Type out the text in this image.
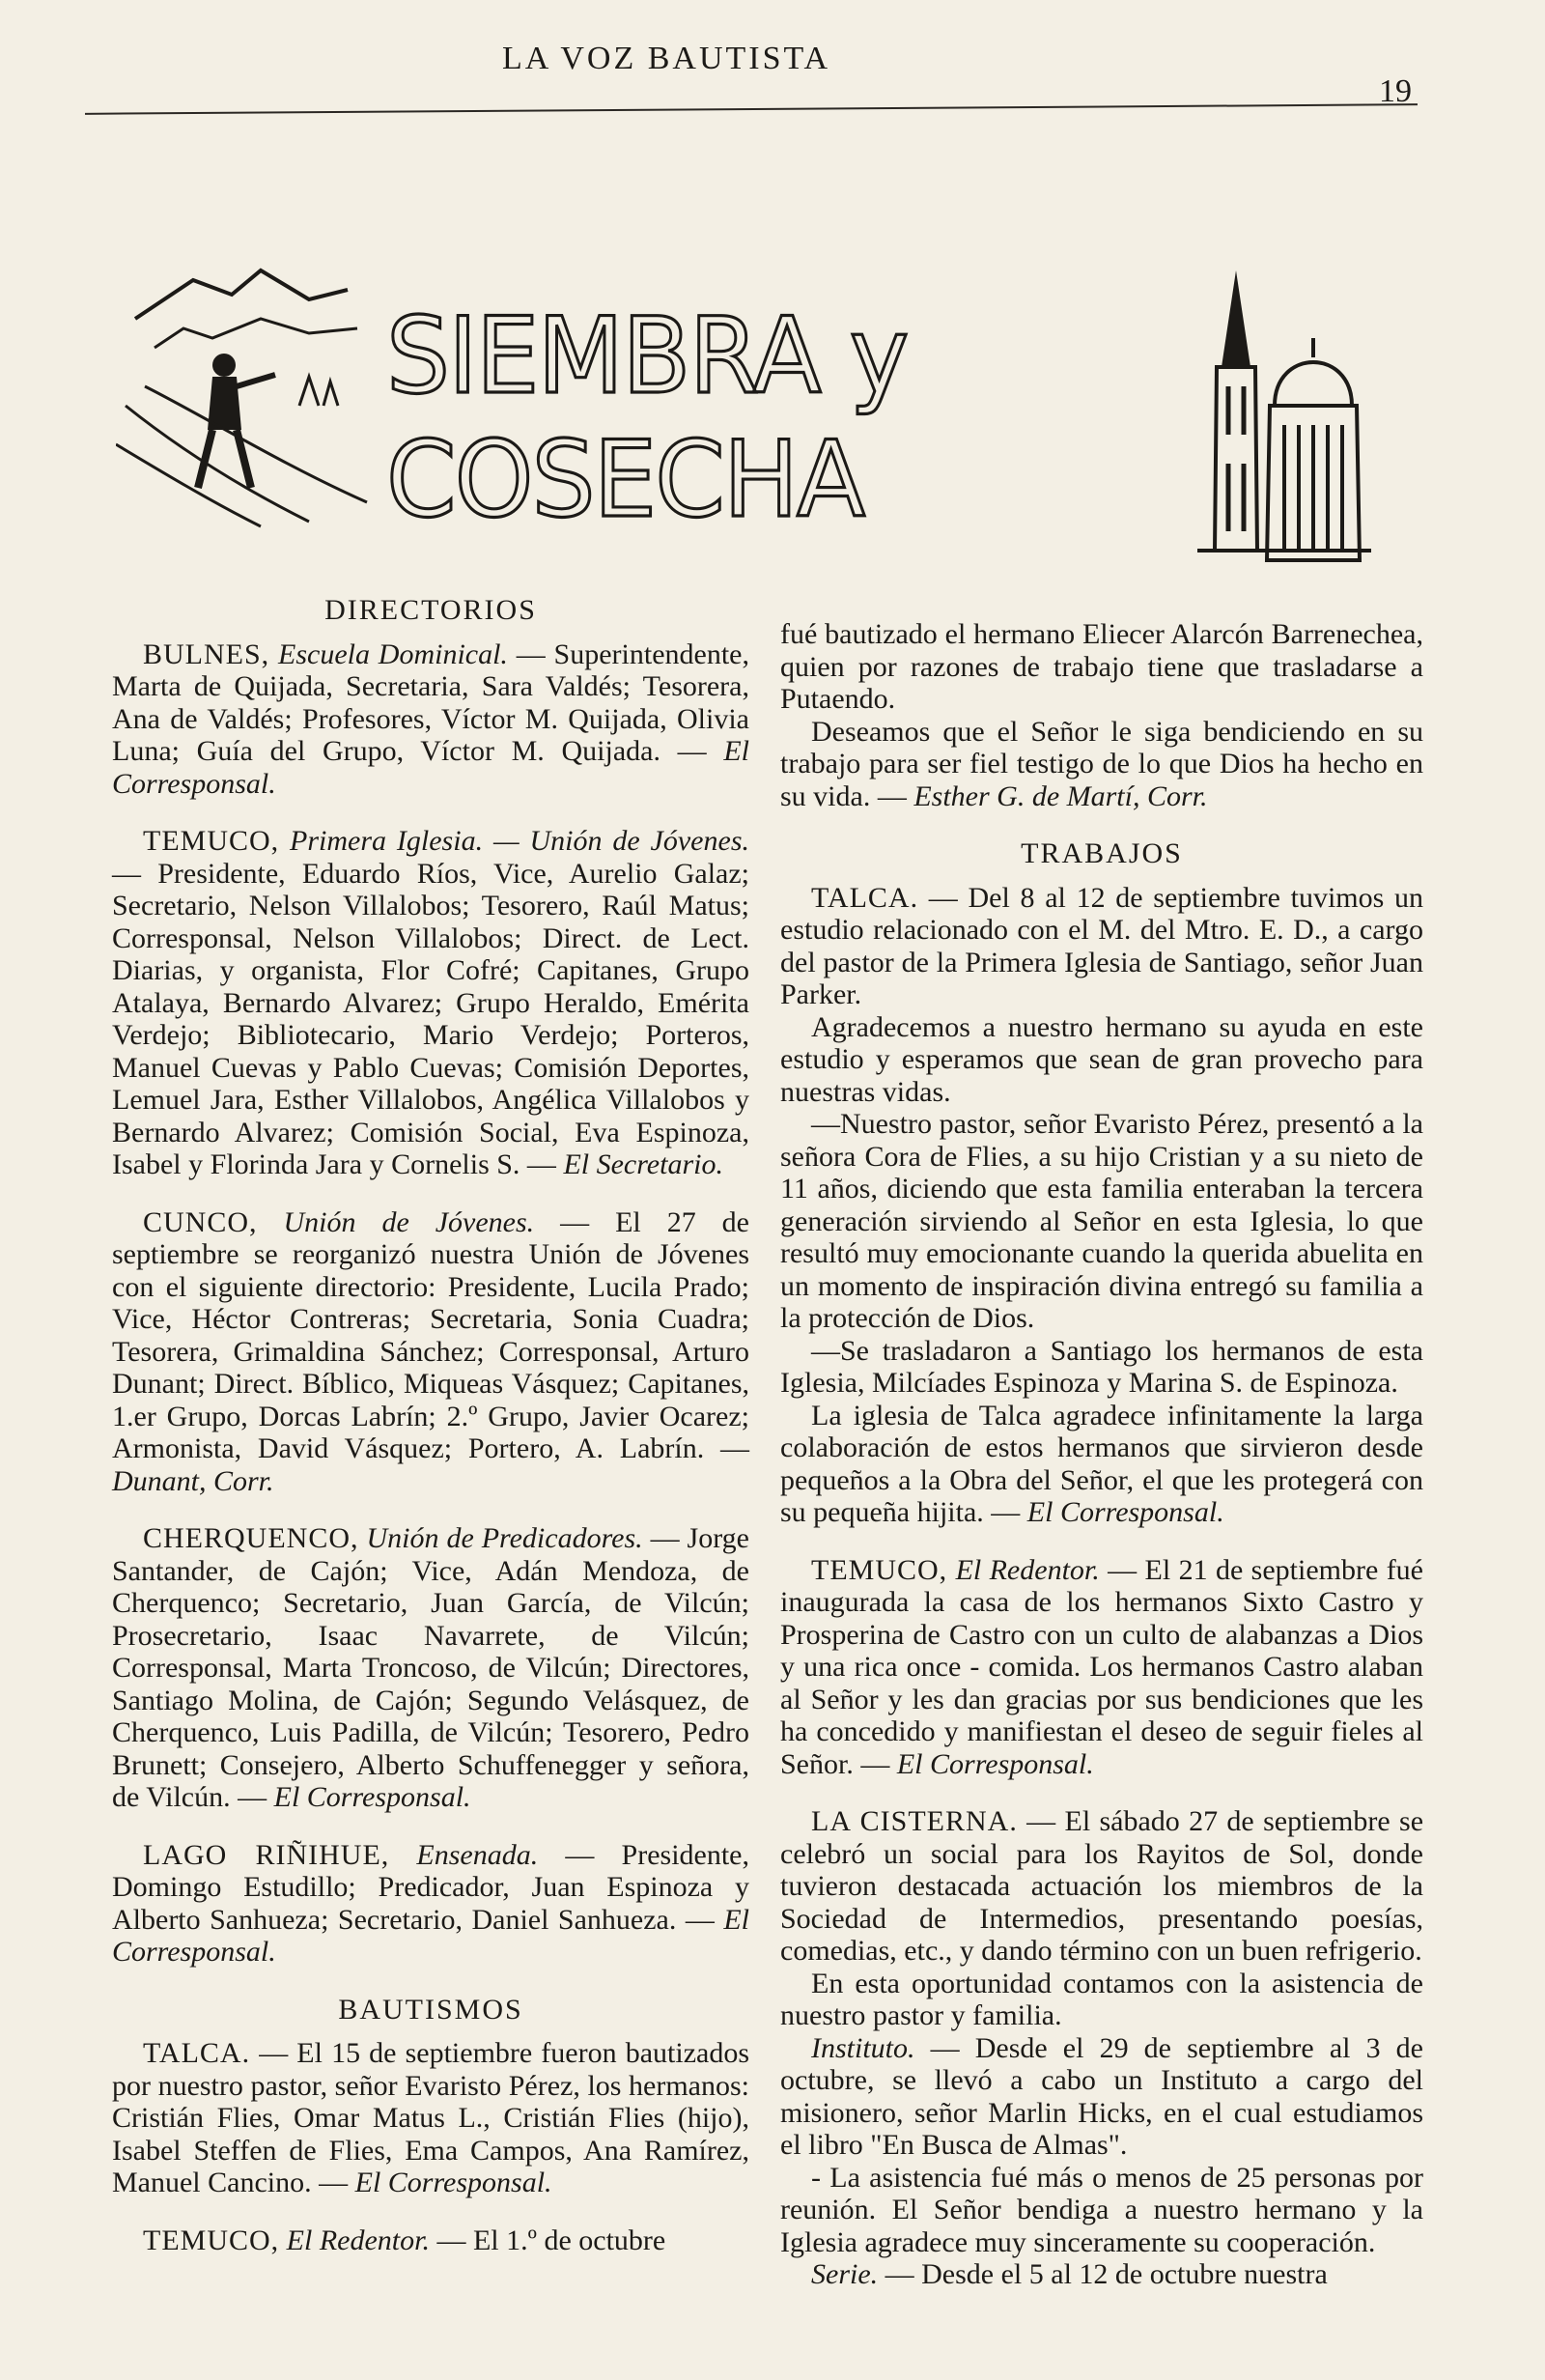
LA VOZ BAUTISTA
19
SIEMBRA y COSECHA
DIRECTORIOS

BULNES, Escuela Dominical. — Superintendente, Marta de Quijada, Secretaria, Sara Valdés; Tesorera, Ana de Valdés; Profesores, Víctor M. Quijada, Olivia Luna; Guía del Grupo, Víctor M. Quijada. — El Corresponsal.

TEMUCO, Primera Iglesia. — Unión de Jóvenes. — Presidente, Eduardo Ríos, Vice, Aurelio Galaz; Secretario, Nelson Villalobos; Tesorero, Raúl Matus; Corresponsal, Nelson Villalobos; Direct. de Lect. Diarias, y organista, Flor Cofré; Capitanes, Grupo Atalaya, Bernardo Alvarez; Grupo Heraldo, Emérita Verdejo; Bibliotecario, Mario Verdejo; Porteros, Manuel Cuevas y Pablo Cuevas; Comisión Deportes, Lemuel Jara, Esther Villalobos, Angélica Villalobos y Bernardo Alvarez; Comisión Social, Eva Espinoza, Isabel y Florinda Jara y Cornelis S. — El Secretario.

CUNCO, Unión de Jóvenes. — El 27 de septiembre se reorganizó nuestra Unión de Jóvenes con el siguiente directorio: Presidente, Lucila Prado; Vice, Héctor Contreras; Secretaria, Sonia Cuadra; Tesorera, Grimaldina Sánchez; Corresponsal, Arturo Dunant; Direct. Bíblico, Miqueas Vásquez; Capitanes, 1.er Grupo, Dorcas Labrín; 2.º Grupo, Javier Ocarez; Armonista, David Vásquez; Portero, A. Labrín. — Dunant, Corr.

CHERQUENCO, Unión de Predicadores. — Jorge Santander, de Cajón; Vice, Adán Mendoza, de Cherquenco; Secretario, Juan García, de Vilcún; Prosecretario, Isaac Navarrete, de Vilcún; Corresponsal, Marta Troncoso, de Vilcún; Directores, Santiago Molina, de Cajón; Segundo Velásquez, de Cherquenco, Luis Padilla, de Vilcún; Tesorero, Pedro Brunett; Consejero, Alberto Schuffenegger y señora, de Vilcún. — El Corresponsal.

LAGO RIÑIHUE, Ensenada. — Presidente, Domingo Estudillo; Predicador, Juan Espinoza y Alberto Sanhueza; Secretario, Daniel Sanhueza. — El Corresponsal.

BAUTISMOS

TALCA. — El 15 de septiembre fueron bautizados por nuestro pastor, señor Evaristo Pérez, los hermanos: Cristián Flies, Omar Matus L., Cristián Flies (hijo), Isabel Steffen de Flies, Ema Campos, Ana Ramírez, Manuel Cancino. — El Corresponsal.

TEMUCO, El Redentor. — El 1.º de octubre

fué bautizado el hermano Eliecer Alarcón Barrenechea, quien por razones de trabajo tiene que trasladarse a Putaendo.

Deseamos que el Señor le siga bendiciendo en su trabajo para ser fiel testigo de lo que Dios ha hecho en su vida. — Esther G. de Martí, Corr.

TRABAJOS

TALCA. — Del 8 al 12 de septiembre tuvimos un estudio relacionado con el M. del Mtro. E. D., a cargo del pastor de la Primera Iglesia de Santiago, señor Juan Parker.

Agradecemos a nuestro hermano su ayuda en este estudio y esperamos que sean de gran provecho para nuestras vidas.

—Nuestro pastor, señor Evaristo Pérez, presentó a la señora Cora de Flies, a su hijo Cristian y a su nieto de 11 años, diciendo que esta familia enteraban la tercera generación sirviendo al Señor en esta Iglesia, lo que resultó muy emocionante cuando la querida abuelita en un momento de inspiración divina entregó su familia a la protección de Dios.

—Se trasladaron a Santiago los hermanos de esta Iglesia, Milcíades Espinoza y Marina S. de Espinoza.

La iglesia de Talca agradece infinitamente la larga colaboración de estos hermanos que sirvieron desde pequeños a la Obra del Señor, el que les protegerá con su pequeña hijita. — El Corresponsal.

TEMUCO, El Redentor. — El 21 de septiembre fué inaugurada la casa de los hermanos Sixto Castro y Prosperina de Castro con un culto de alabanzas a Dios y una rica once - comida. Los hermanos Castro alaban al Señor y les dan gracias por sus bendiciones que les ha concedido y manifiestan el deseo de seguir fieles al Señor. — El Corresponsal.

LA CISTERNA. — El sábado 27 de septiembre se celebró un social para los Rayitos de Sol, donde tuvieron destacada actuación los miembros de la Sociedad de Intermedios, presentando poesías, comedias, etc., y dando término con un buen refrigerio.

En esta oportunidad contamos con la asistencia de nuestro pastor y familia.

Instituto. — Desde el 29 de septiembre al 3 de octubre, se llevó a cabo un Instituto a cargo del misionero, señor Marlin Hicks, en el cual estudiamos el libro "En Busca de Almas".

- La asistencia fué más o menos de 25 personas por reunión. El Señor bendiga a nuestro hermano y la Iglesia agradece muy sinceramente su cooperación.

Serie. — Desde el 5 al 12 de octubre nuestra
